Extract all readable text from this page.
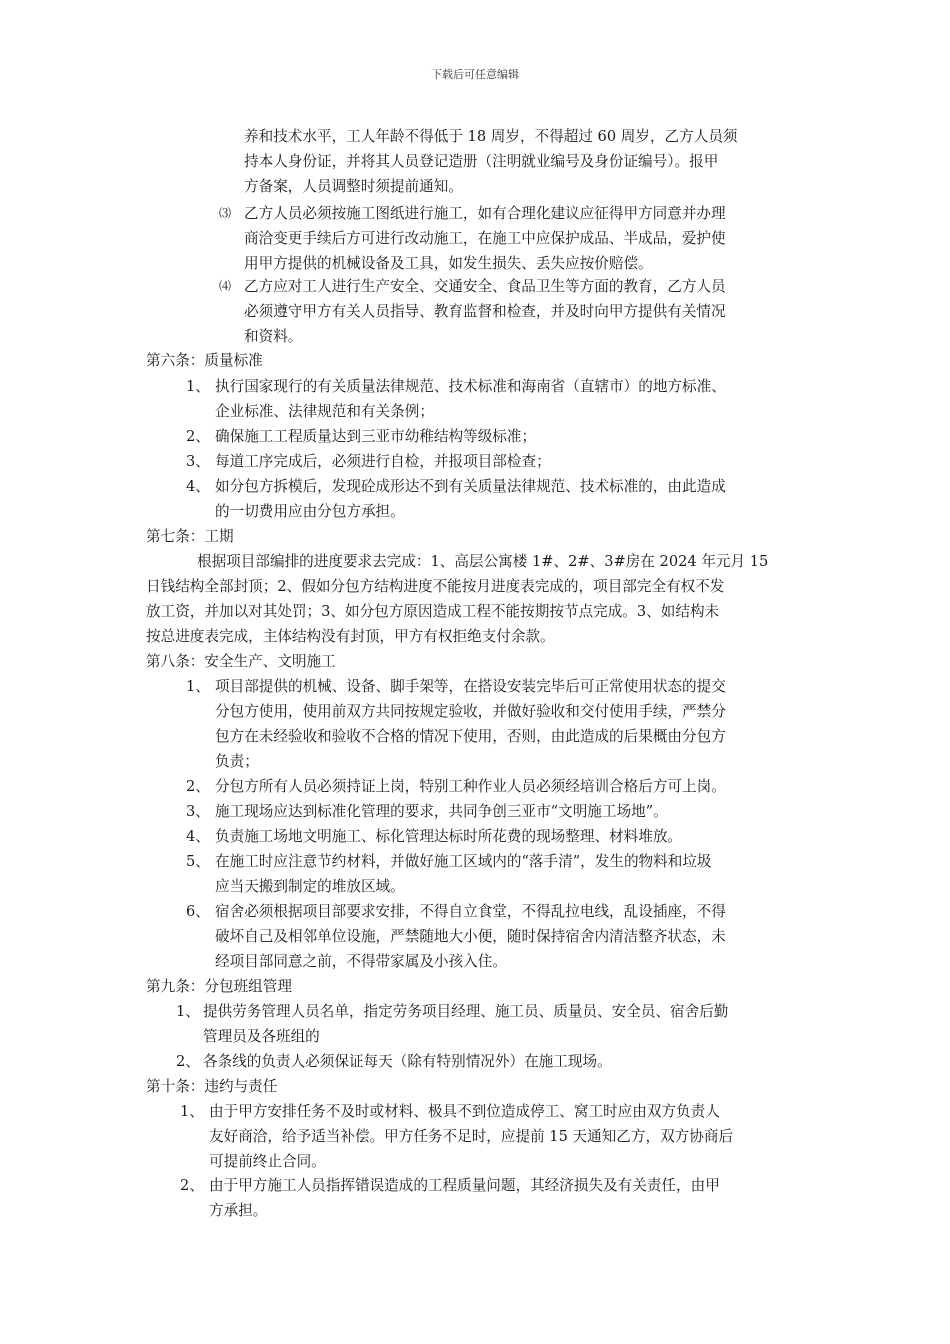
下载后可任意编辑
养和技术水平，工人年龄不得低于 18 周岁，不得超过 60 周岁，乙方人员须
持本人身份证，并将其人员登记造册（注明就业编号及身份证编号）。报甲
方备案，人员调整时须提前通知。
⑶ 乙方人员必须按施工图纸进行施工，如有合理化建议应征得甲方同意并办理
商洽变更手续后方可进行改动施工，在施工中应保护成品、半成品，爱护使
用甲方提供的机械设备及工具，如发生损失、丢失应按价赔偿。
⑷ 乙方应对工人进行生产安全、交通安全、食品卫生等方面的教育，乙方人员
必须遵守甲方有关人员指导、教育监督和检查，并及时向甲方提供有关情况
和资料。
第六条：质量标准
1、 执行国家现行的有关质量法律规范、技术标准和海南省（直辖市）的地方标准、
企业标准、法律规范和有关条例；
2、 确保施工工程质量达到三亚市幼稚结构等级标准；
3、 每道工序完成后，必须进行自检，并报项目部检查；
4、 如分包方拆模后，发现砼成形达不到有关质量法律规范、技术标准的，由此造成
的一切费用应由分包方承担。
第七条：工期
根据项目部编排的进度要求去完成：1、高层公寓楼 1#、2#、3#房在 2024 年元月 15
日钱结构全部封顶；2、假如分包方结构进度不能按月进度表完成的，项目部完全有权不发
放工资，并加以对其处罚；3、如分包方原因造成工程不能按期按节点完成。3、如结构未
按总进度表完成，主体结构没有封顶，甲方有权拒绝支付余款。
第八条：安全生产、文明施工
1、 项目部提供的机械、设备、脚手架等，在搭设安装完毕后可正常使用状态的提交
分包方使用，使用前双方共同按规定验收，并做好验收和交付使用手续，严禁分
包方在未经验收和验收不合格的情况下使用，否则，由此造成的后果概由分包方
负责；
2、 分包方所有人员必须持证上岗，特别工种作业人员必须经培训合格后方可上岗。
3、 施工现场应达到标准化管理的要求，共同争创三亚市“文明施工场地”。
4、 负责施工场地文明施工、标化管理达标时所花费的现场整理、材料堆放。
5、 在施工时应注意节约材料，并做好施工区域内的“落手清”，发生的物料和垃圾
应当天搬到制定的堆放区域。
6、 宿舍必须根据项目部要求安排，不得自立食堂，不得乱拉电线，乱设插座，不得
破坏自己及相邻单位设施，严禁随地大小便，随时保持宿舍内清洁整齐状态，未
经项目部同意之前，不得带家属及小孩入住。
第九条：分包班组管理
1、 提供劳务管理人员名单，指定劳务项目经理、施工员、质量员、安全员、宿舍后勤
管理员及各班组的
2、 各条线的负责人必须保证每天（除有特别情况外）在施工现场。
第十条：违约与责任
1、 由于甲方安排任务不及时或材料、极具不到位造成停工、窝工时应由双方负责人
友好商洽，给予适当补偿。甲方任务不足时，应提前 15 天通知乙方，双方协商后
可提前终止合同。
2、 由于甲方施工人员指挥错误造成的工程质量问题，其经济损失及有关责任，由甲
方承担。
